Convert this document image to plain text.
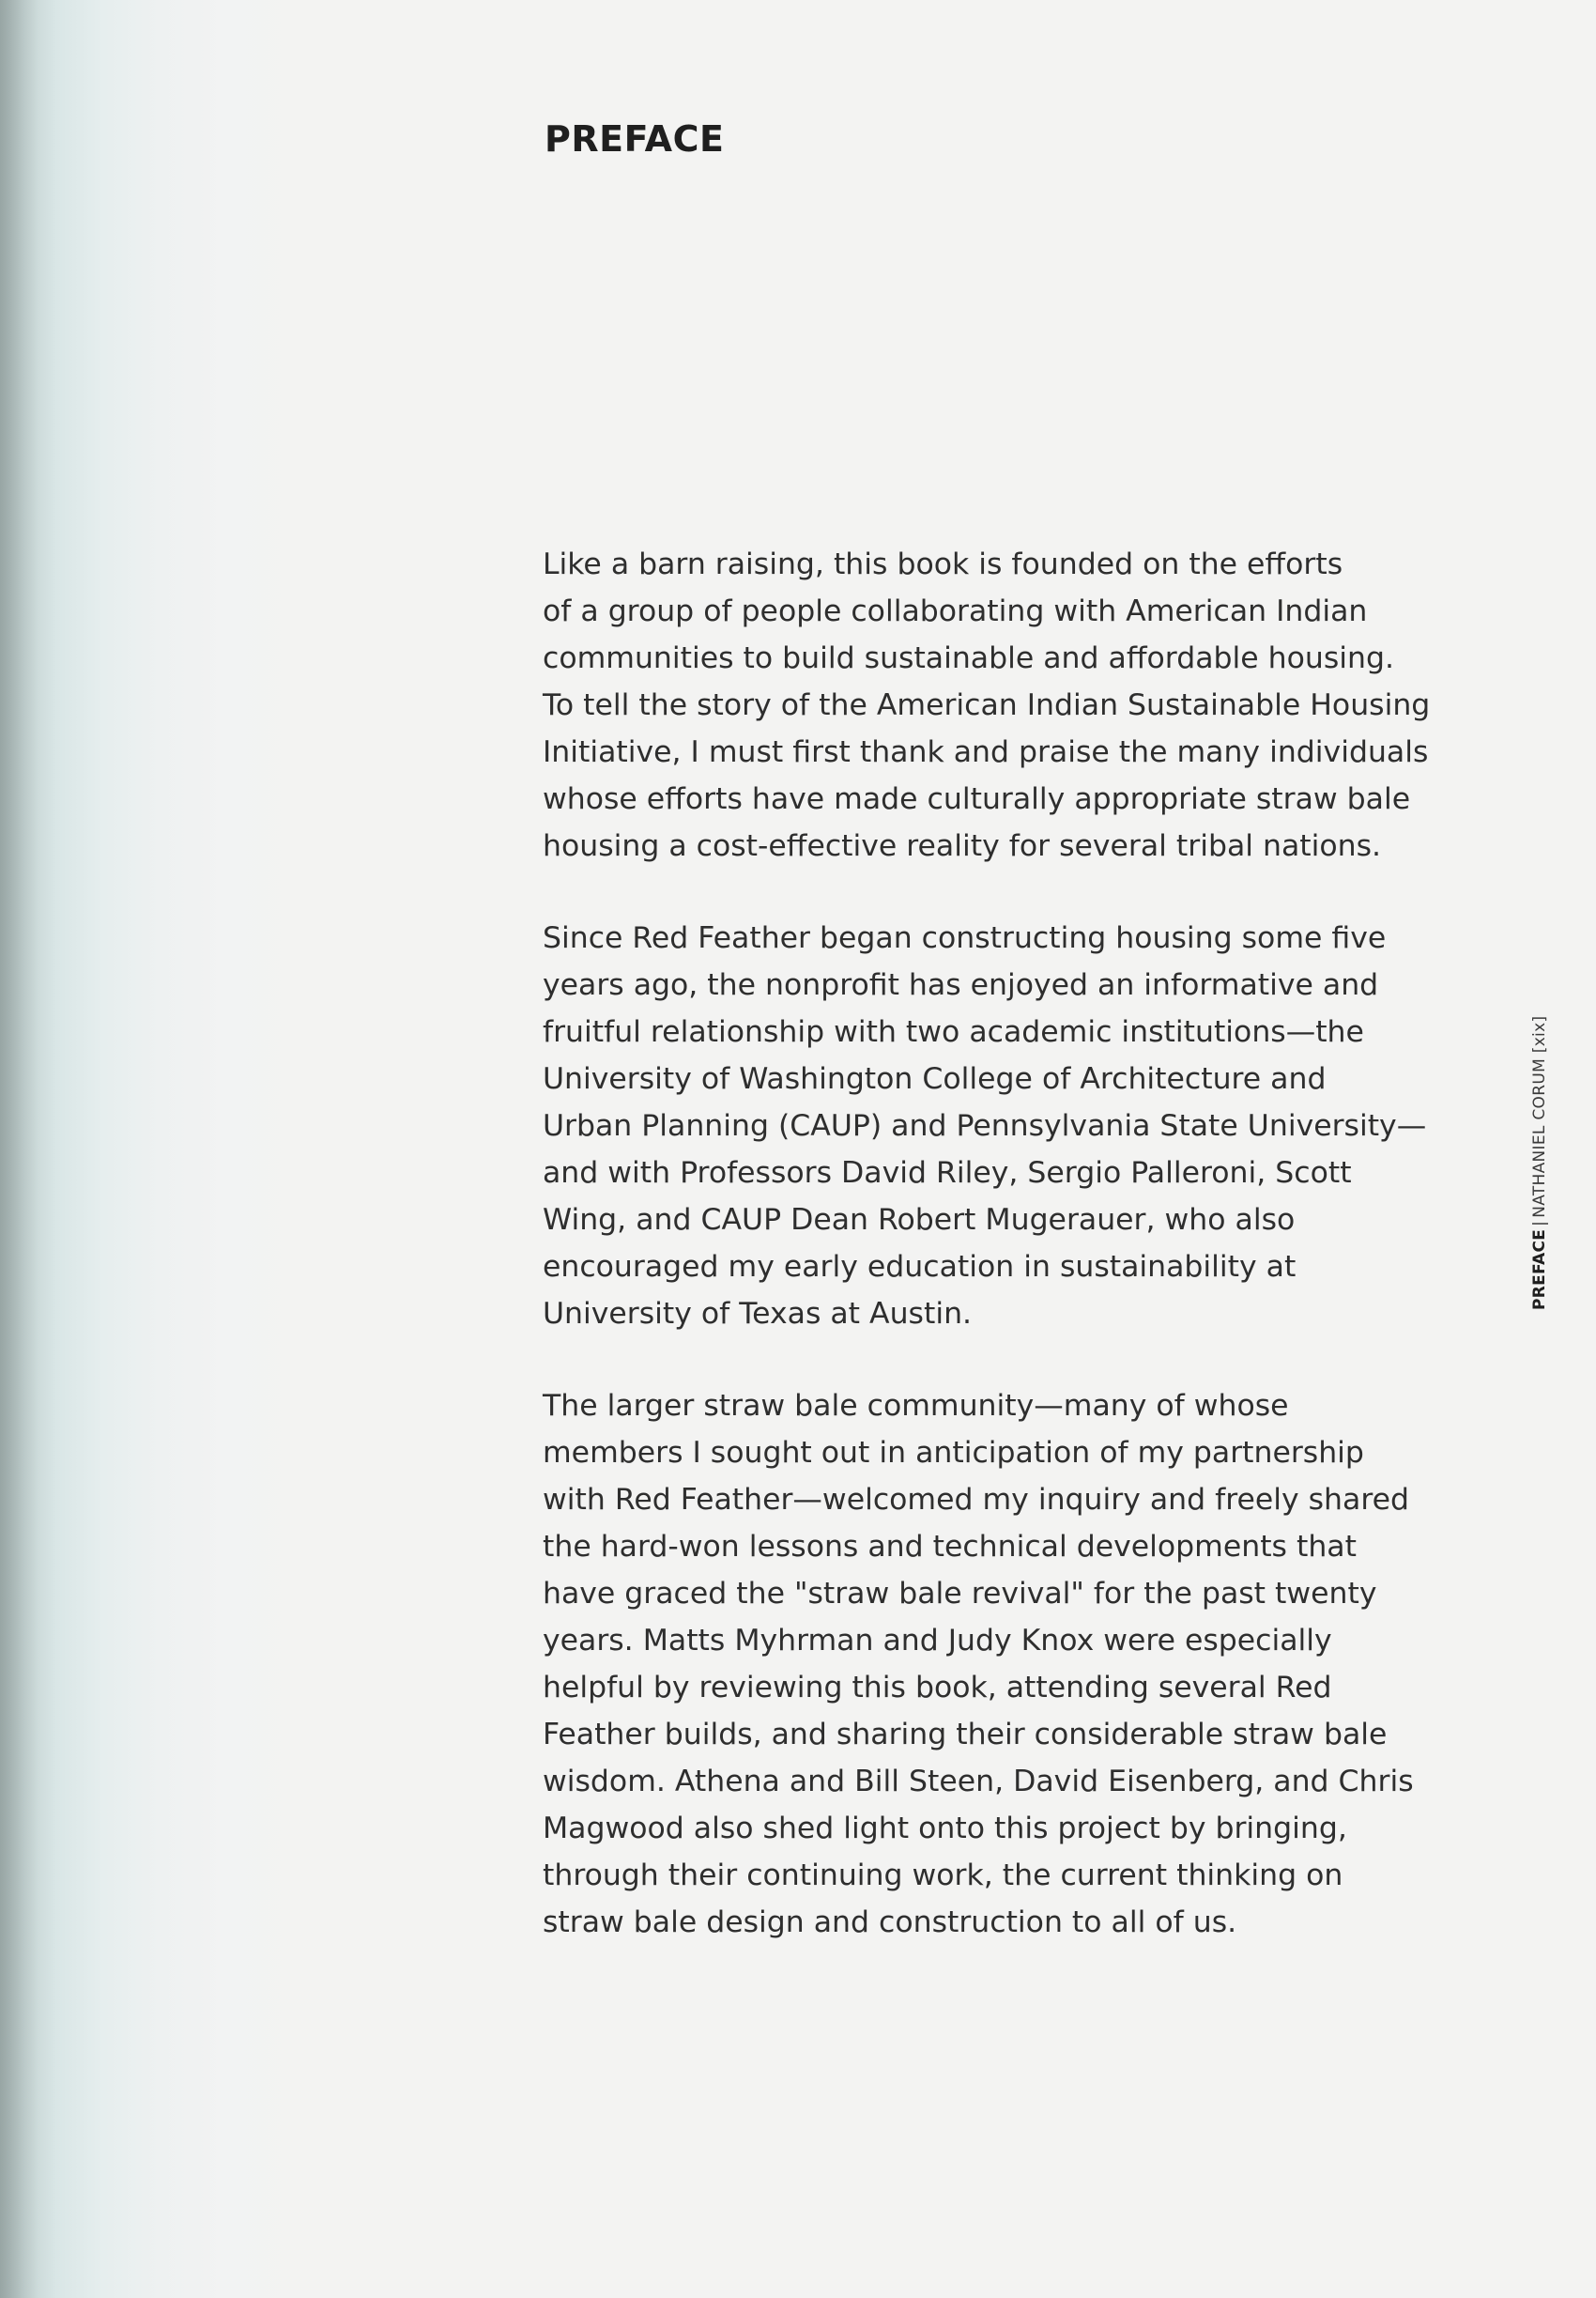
PREFACE

Like a barn raising, this book is founded on the efforts
of a group of people collaborating with American Indian
communities to build sustainable and affordable housing.
To tell the story of the American Indian Sustainable Housing
Initiative, I must first thank and praise the many individuals
whose efforts have made culturally appropriate straw bale
housing a cost-effective reality for several tribal nations.

Since Red Feather began constructing housing some five
years ago, the nonprofit has enjoyed an informative and
fruitful relationship with two academic institutions—the
University of Washington College of Architecture and
Urban Planning (CAUP) and Pennsylvania State University—
and with Professors David Riley, Sergio Palleroni, Scott
Wing, and CAUP Dean Robert Mugerauer, who also
encouraged my early education in sustainability at
University of Texas at Austin.

The larger straw bale community—many of whose
members I sought out in anticipation of my partnership
with Red Feather—welcomed my inquiry and freely shared
the hard-won lessons and technical developments that
have graced the "straw bale revival" for the past twenty
years. Matts Myhrman and Judy Knox were especially
helpful by reviewing this book, attending several Red
Feather builds, and sharing their considerable straw bale
wisdom. Athena and Bill Steen, David Eisenberg, and Chris
Magwood also shed light onto this project by bringing,
through their continuing work, the current thinking on
straw bale design and construction to all of us.

PREFACE|NATHANIEL CORUM [xix]
